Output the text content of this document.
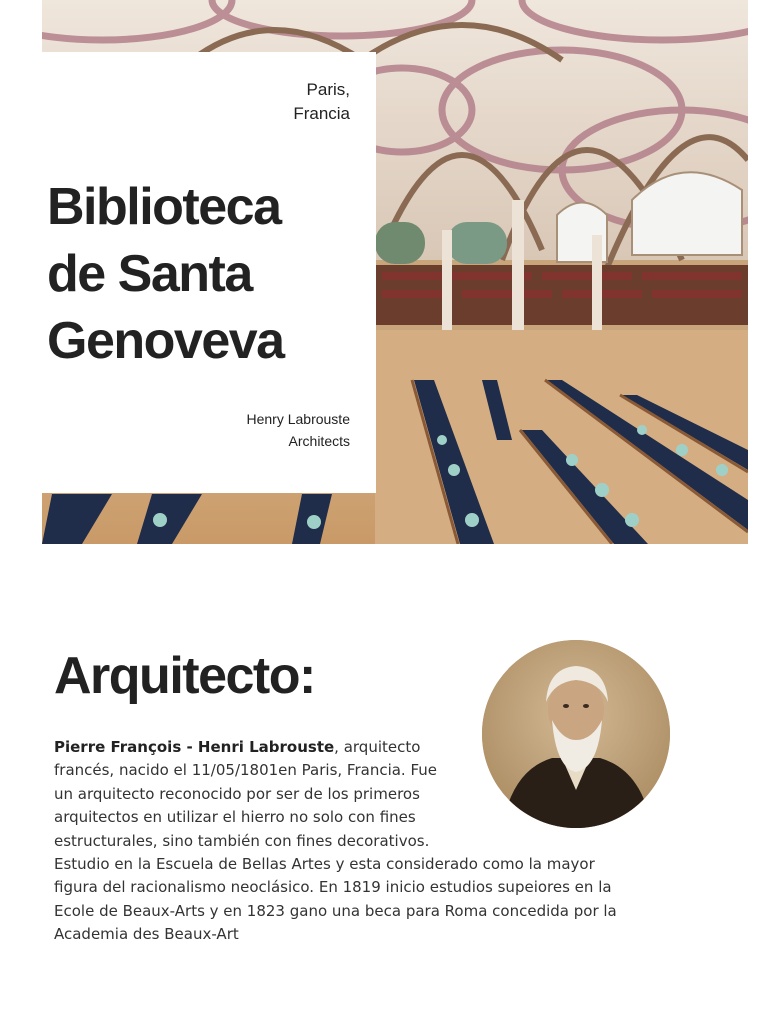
Paris,
Francia
Biblioteca
de Santa
Genoveva
Henry Labrouste
Architects
Arquitecto:
Pierre François - Henri Labrouste, arquitecto
francés, nacido el 11/05/1801en Paris, Francia. Fue
un arquitecto reconocido por ser de los primeros
arquitectos en utilizar el hierro no solo con fines
estructurales, sino también con fines decorativos.
Estudio en la Escuela de Bellas Artes y esta considerado como la mayor
figura del racionalismo neoclásico. En 1819 inicio estudios supeiores en la
Ecole de Beaux-Arts y en 1823 gano una beca para Roma concedida por la
Academia des Beaux-Art
